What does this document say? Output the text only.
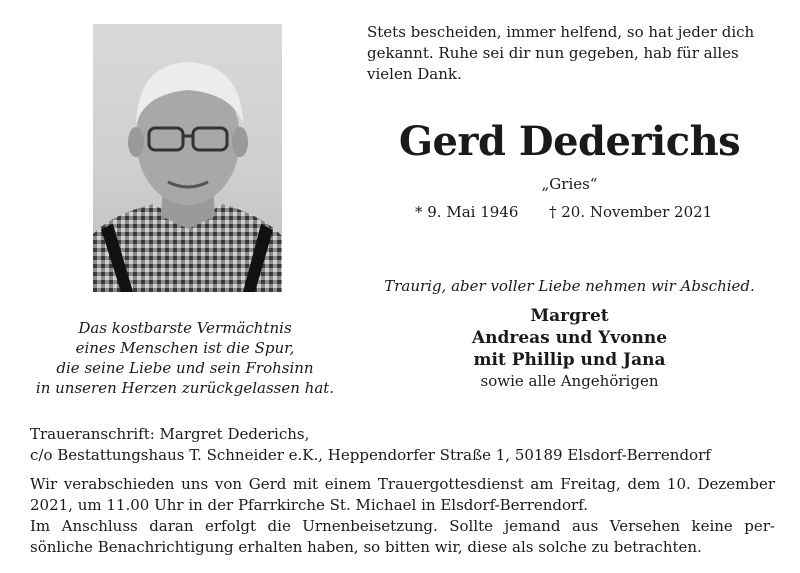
Stets bescheiden, immer helfend, so hat jeder dich
gekannt. Ruhe sei dir nun gegeben, hab für alles
vielen Dank.
Gerd Dederichs
„Gries“
* 9. Mai 1946 † 20. November 2021
Traurig, aber voller Liebe nehmen wir Abschied.
Margret
Andreas und Yvonne
mit Phillip und Jana
sowie alle Angehörigen
Das kostbarste Vermächtnis
eines Menschen ist die Spur,
die seine Liebe und sein Frohsinn
in unseren Herzen zurückgelassen hat.
Traueranschrift: Margret Dederichs,
c/o Bestattungshaus T. Schneider e.K., Heppendorfer Straße 1, 50189 Elsdorf-Berrendorf
Wir verabschieden uns von Gerd mit einem Trauergottesdienst am Freitag, dem 10. Dezember
2021, um 11.00 Uhr in der Pfarrkirche St. Michael in Elsdorf-Berrendorf.
Im Anschluss daran erfolgt die Urnenbeisetzung. Sollte jemand aus Versehen keine per-
sönliche Benachrichtigung erhalten haben, so bitten wir, diese als solche zu betrachten.
